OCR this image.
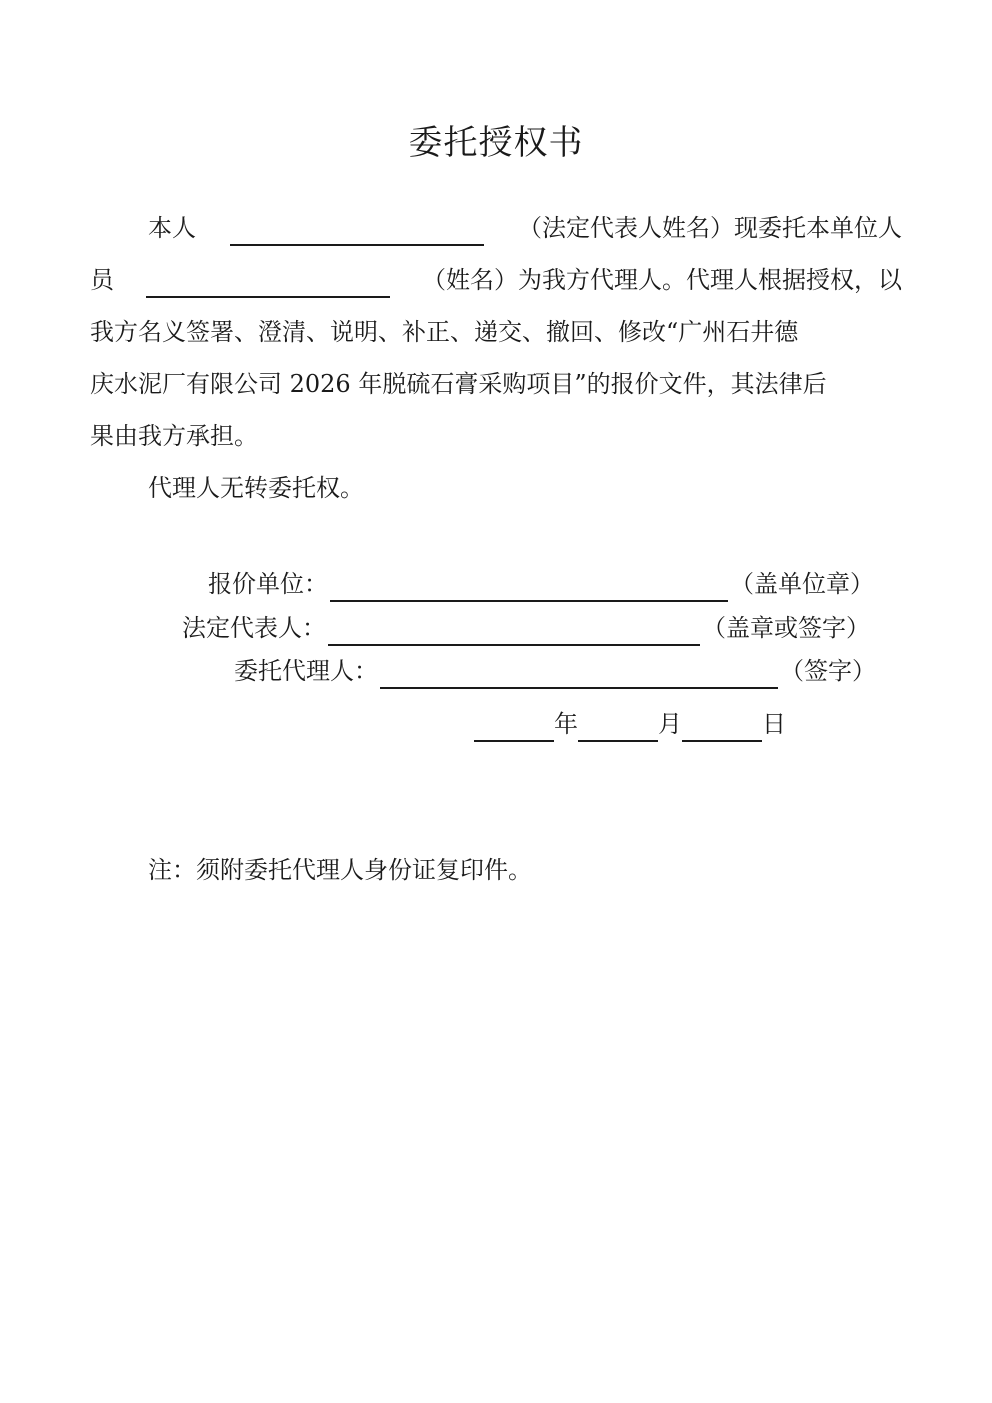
委托授权书
本人	（法定代表人姓名）现委托本单位人
员	（姓名）为我方代理人。代理人根据授权，以
我方名义签署、澄清、说明、补正、递交、撤回、修改“广州石井德
庆水泥厂有限公司 2026 年脱硫石膏采购项目”的报价文件，其法律后
果由我方承担。
代理人无转委托权。
报价单位：	（盖单位章）
法定代表人：	（盖章或签字）
委托代理人：	（签字）
年	月	日
注：须附委托代理人身份证复印件。
